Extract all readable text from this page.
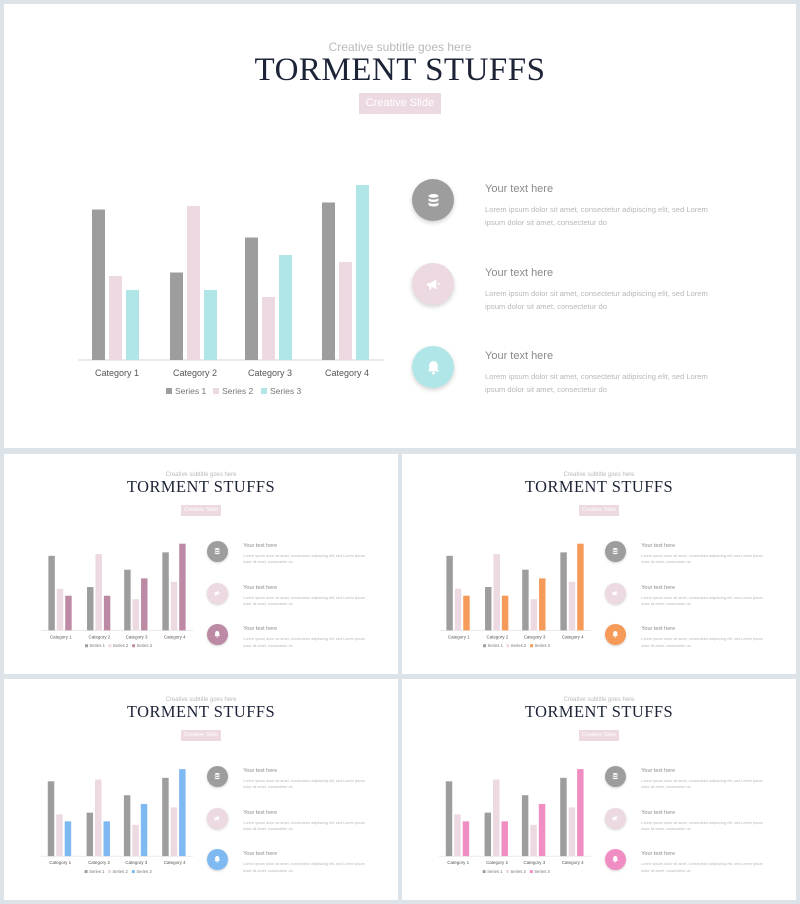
Creative subtitle goes here
TORMENT STUFFS
Creative Slide
Category 1	Category 2	Category 3	Category 4
Series 1 Series 2 Series 3
Your text here
Lorem ipsum dolor sit amet, consectetur adipiscing elit, sed Lorem ipsum dolor sit amet, consectetur do
Your text here
Lorem ipsum dolor sit amet, consectetur adipiscing elit, sed Lorem ipsum dolor sit amet, consectetur do
Your text here
Lorem ipsum dolor sit amet, consectetur adipiscing elit, sed Lorem ipsum dolor sit amet, consectetur do
Creative subtitle goes here
TORMENT STUFFS
Creative Slide
Category 1 Category 2 Category 3 Category 4
Series 1 Series 2 Series 3
Your text here
Lorem ipsum dolor sit amet, consectetur adipiscing elit, sed Lorem ipsum dolor sit amet, consectetur do
Your text here
Lorem ipsum dolor sit amet, consectetur adipiscing elit, sed Lorem ipsum dolor sit amet, consectetur do
Your text here
Lorem ipsum dolor sit amet, consectetur adipiscing elit, sed Lorem ipsum dolor sit amet, consectetur do
Creative subtitle goes here
TORMENT STUFFS
Creative Slide
Category 1 Category 2 Category 3 Category 4
Series 1 Series 2 Series 3
Your text here
Lorem ipsum dolor sit amet, consectetur adipiscing elit, sed Lorem ipsum dolor sit amet, consectetur do
Your text here
Lorem ipsum dolor sit amet, consectetur adipiscing elit, sed Lorem ipsum dolor sit amet, consectetur do
Your text here
Lorem ipsum dolor sit amet, consectetur adipiscing elit, sed Lorem ipsum dolor sit amet, consectetur do
Creative subtitle goes here
TORMENT STUFFS
Creative Slide
Category 1 Category 2 Category 3 Category 4
Series 1 Series 2 Series 3
Your text here
Lorem ipsum dolor sit amet, consectetur adipiscing elit, sed Lorem ipsum dolor sit amet, consectetur do
Your text here
Lorem ipsum dolor sit amet, consectetur adipiscing elit, sed Lorem ipsum dolor sit amet, consectetur do
Your text here
Lorem ipsum dolor sit amet, consectetur adipiscing elit, sed Lorem ipsum dolor sit amet, consectetur do
Creative subtitle goes here
TORMENT STUFFS
Creative Slide
Category 1 Category 2 Category 3 Category 4
Series 1 Series 2 Series 3
Your text here
Lorem ipsum dolor sit amet, consectetur adipiscing elit, sed Lorem ipsum dolor sit amet, consectetur do
Your text here
Lorem ipsum dolor sit amet, consectetur adipiscing elit, sed Lorem ipsum dolor sit amet, consectetur do
Your text here
Lorem ipsum dolor sit amet, consectetur adipiscing elit, sed Lorem ipsum dolor sit amet, consectetur do
